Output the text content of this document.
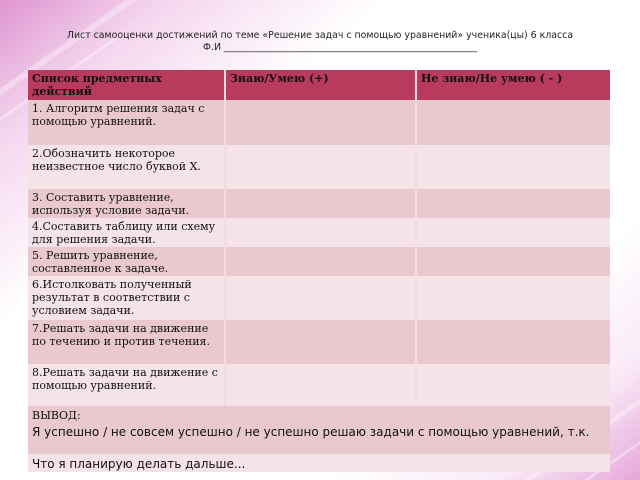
Лист самооценки достижений по теме «Решение задач с помощью уравнений» ученика(цы) 6 класса
Ф.И ______________________________________________________
Список предметных действий
Знаю/Умею (+)	Не знаю/Не умею ( - )
1. Алгоритм решения задач с помощью уравнений.
2.Обозначить некоторое неизвестное число буквой Х.
3. Составить уравнение, используя условие задачи.
4.Составить таблицу или схему для решения задачи.
5. Решить уравнение, составленное к задаче.
6.Истолковать полученный результат в соответствии с условием задачи.
7.Решать задачи на движение по течению и против течения.
8.Решать задачи на движение с помощью уравнений.
ВЫВОД:
Я успешно / не совсем успешно / не успешно решаю задачи с помощью уравнений, т.к.
Что я планирую делать дальше...
